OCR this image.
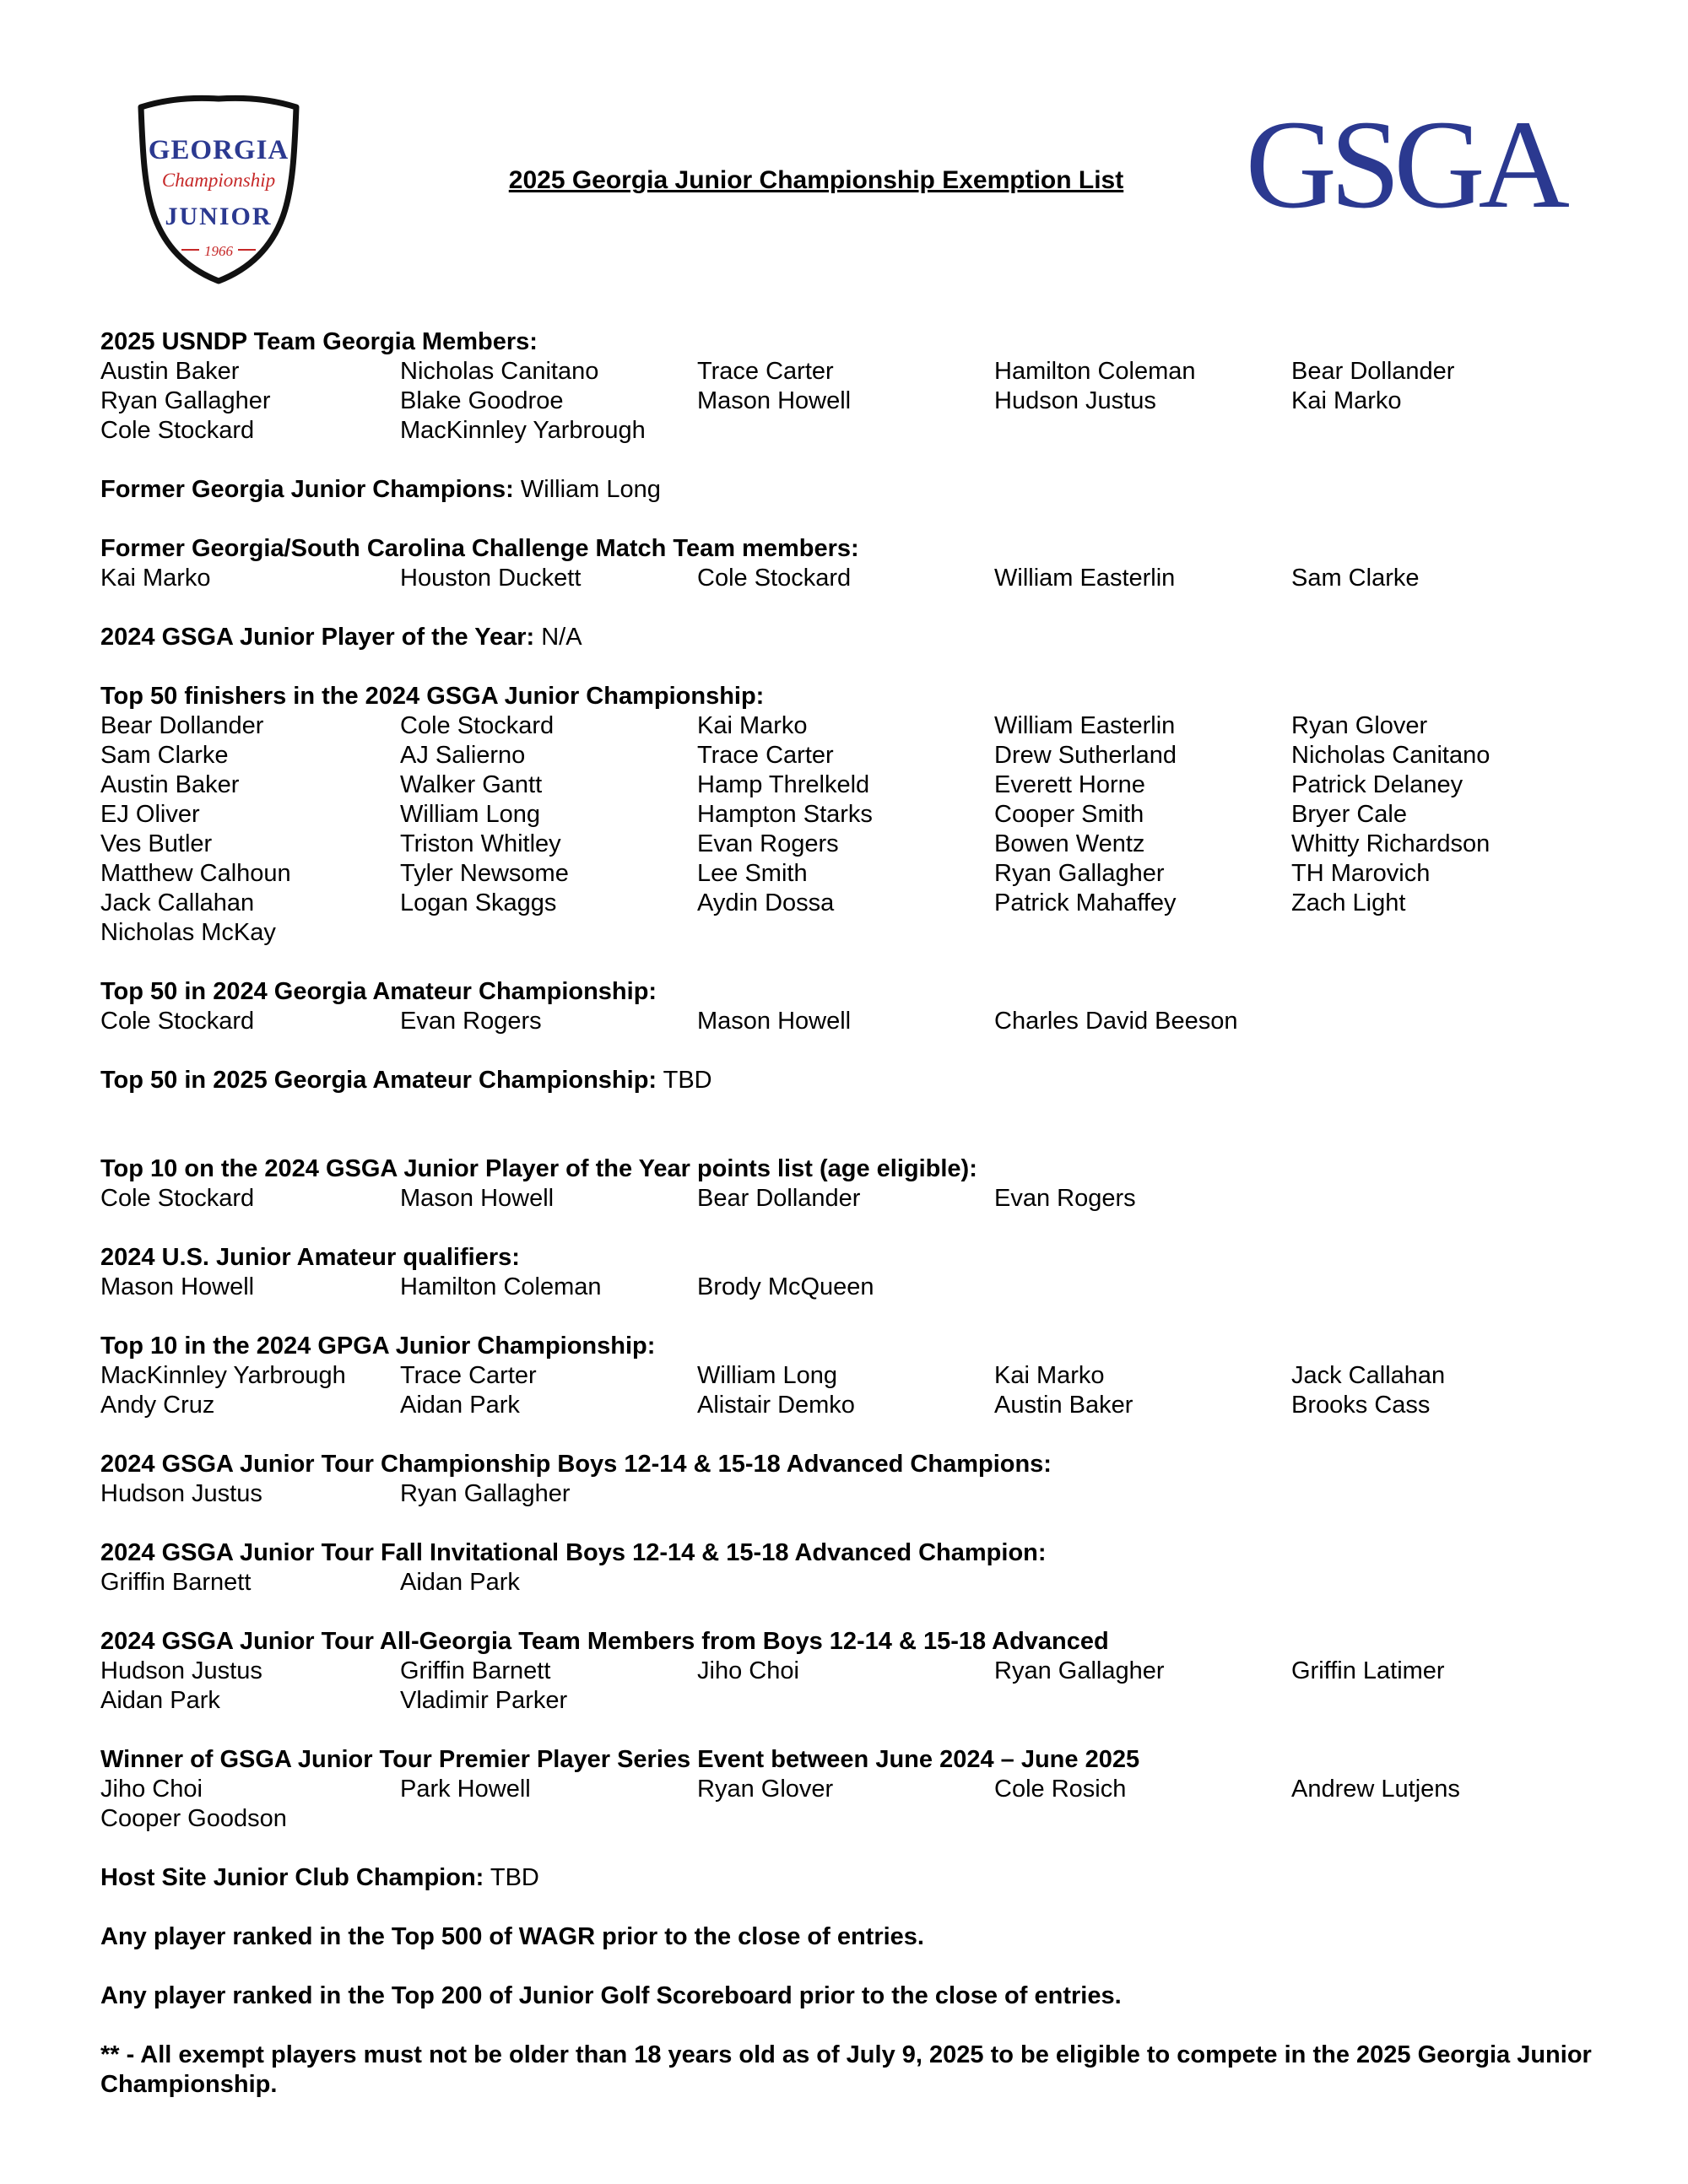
GEORGIA
Championship
JUNIOR
1966
2025 Georgia Junior Championship Exemption List GSGA
2025 USNDP Team Georgia Members:
Austin Baker	Nicholas Canitano	Trace Carter	Hamilton Coleman	Bear Dollander
Ryan Gallagher	Blake Goodroe	Mason Howell	Hudson Justus	Kai Marko
Cole Stockard	MacKinnley Yarbrough
Former Georgia Junior Champions: William Long
Former Georgia/South Carolina Challenge Match Team members:
Kai Marko	Houston Duckett	Cole Stockard	William Easterlin	Sam Clarke
2024 GSGA Junior Player of the Year: N/A
Top 50 finishers in the 2024 GSGA Junior Championship:
Bear Dollander	Cole Stockard	Kai Marko	William Easterlin	Ryan Glover
Sam Clarke	AJ Salierno	Trace Carter	Drew Sutherland	Nicholas Canitano
Austin Baker	Walker Gantt	Hamp Threlkeld	Everett Horne	Patrick Delaney
EJ Oliver	William Long	Hampton Starks	Cooper Smith	Bryer Cale
Ves Butler	Triston Whitley	Evan Rogers	Bowen Wentz	Whitty Richardson
Matthew Calhoun	Tyler Newsome	Lee Smith	Ryan Gallagher	TH Marovich
Jack Callahan	Logan Skaggs	Aydin Dossa	Patrick Mahaffey	Zach Light
Nicholas McKay
Top 50 in 2024 Georgia Amateur Championship:
Cole Stockard	Evan Rogers	Mason Howell	Charles David Beeson
Top 50 in 2025 Georgia Amateur Championship: TBD
Top 10 on the 2024 GSGA Junior Player of the Year points list (age eligible):
Cole Stockard	Mason Howell	Bear Dollander	Evan Rogers
2024 U.S. Junior Amateur qualifiers:
Mason Howell	Hamilton Coleman	Brody McQueen
Top 10 in the 2024 GPGA Junior Championship:
MacKinnley Yarbrough	Trace Carter	William Long	Kai Marko	Jack Callahan
Andy Cruz	Aidan Park	Alistair Demko	Austin Baker	Brooks Cass
2024 GSGA Junior Tour Championship Boys 12-14 & 15-18 Advanced Champions:
Hudson Justus	Ryan Gallagher
2024 GSGA Junior Tour Fall Invitational Boys 12-14 & 15-18 Advanced Champion:
Griffin Barnett	Aidan Park
2024 GSGA Junior Tour All-Georgia Team Members from Boys 12-14 & 15-18 Advanced
Hudson Justus	Griffin Barnett	Jiho Choi	Ryan Gallagher	Griffin Latimer
Aidan Park	Vladimir Parker
Winner of GSGA Junior Tour Premier Player Series Event between June 2024 – June 2025
Jiho Choi	Park Howell	Ryan Glover	Cole Rosich	Andrew Lutjens
Cooper Goodson
Host Site Junior Club Champion: TBD

Any player ranked in the Top 500 of WAGR prior to the close of entries.

Any player ranked in the Top 200 of Junior Golf Scoreboard prior to the close of entries.

** - All exempt players must not be older than 18 years old as of July 9, 2025 to be eligible to compete in the 2025 Georgia Junior Championship.
